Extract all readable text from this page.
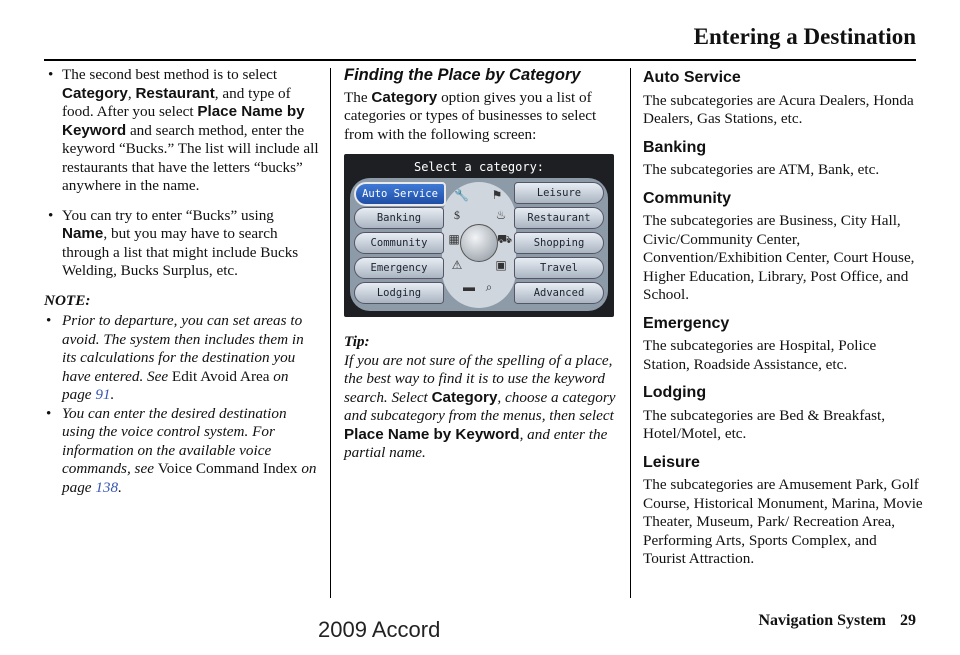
Entering a Destination
• The second best method is to select Category, Restaurant, and type of food. After you select Place Name by Keyword and search method, enter the keyword “Bucks.” The list will include all restaurants that have the letters “bucks” anywhere in the name.
• You can try to enter “Bucks” using Name, but you may have to search through a list that might include Bucks Welding, Bucks Surplus, etc.
NOTE:
• Prior to departure, you can set areas to avoid. The system then includes them in its calculations for the destination you have entered. See Edit Avoid Area on page 91.
• You can enter the desired destination using the voice control system. For information on the available voice commands, see Voice Command Index on page 138.
Finding the Place by Category

The Category option gives you a list of categories or types of businesses to select from with the following screen:

Select a category:
Auto Service
Banking
Community
Emergency
Lodging
Leisure
Restaurant
Shopping
Travel
Advanced
🔧 ⚑
$	♨
▦	⛟
⚠	▣
▬ ⌕
Tip:

If you are not sure of the spelling of a place, the best way to find it is to use the keyword search. Select Category, choose a category and subcategory from the menus, then select Place Name by Keyword, and enter the partial name.

Auto Service

The subcategories are Acura Dealers, Honda Dealers, Gas Stations, etc.

Banking

The subcategories are ATM, Bank, etc.

Community

The subcategories are Business, City Hall, Civic/Community Center, Convention/Exhibition Center, Court House, Higher Education, Library, Post Office, and School.

Emergency

The subcategories are Hospital, Police Station, Roadside Assistance, etc.

Lodging

The subcategories are Bed & Breakfast, Hotel/Motel, etc.

Leisure

The subcategories are Amusement Park, Golf Course, Historical Monument, Marina, Movie Theater, Museum, Park/ Recreation Area, Performing Arts, Sports Complex, and Tourist Attraction.

Navigation System 29
2009 Accord
